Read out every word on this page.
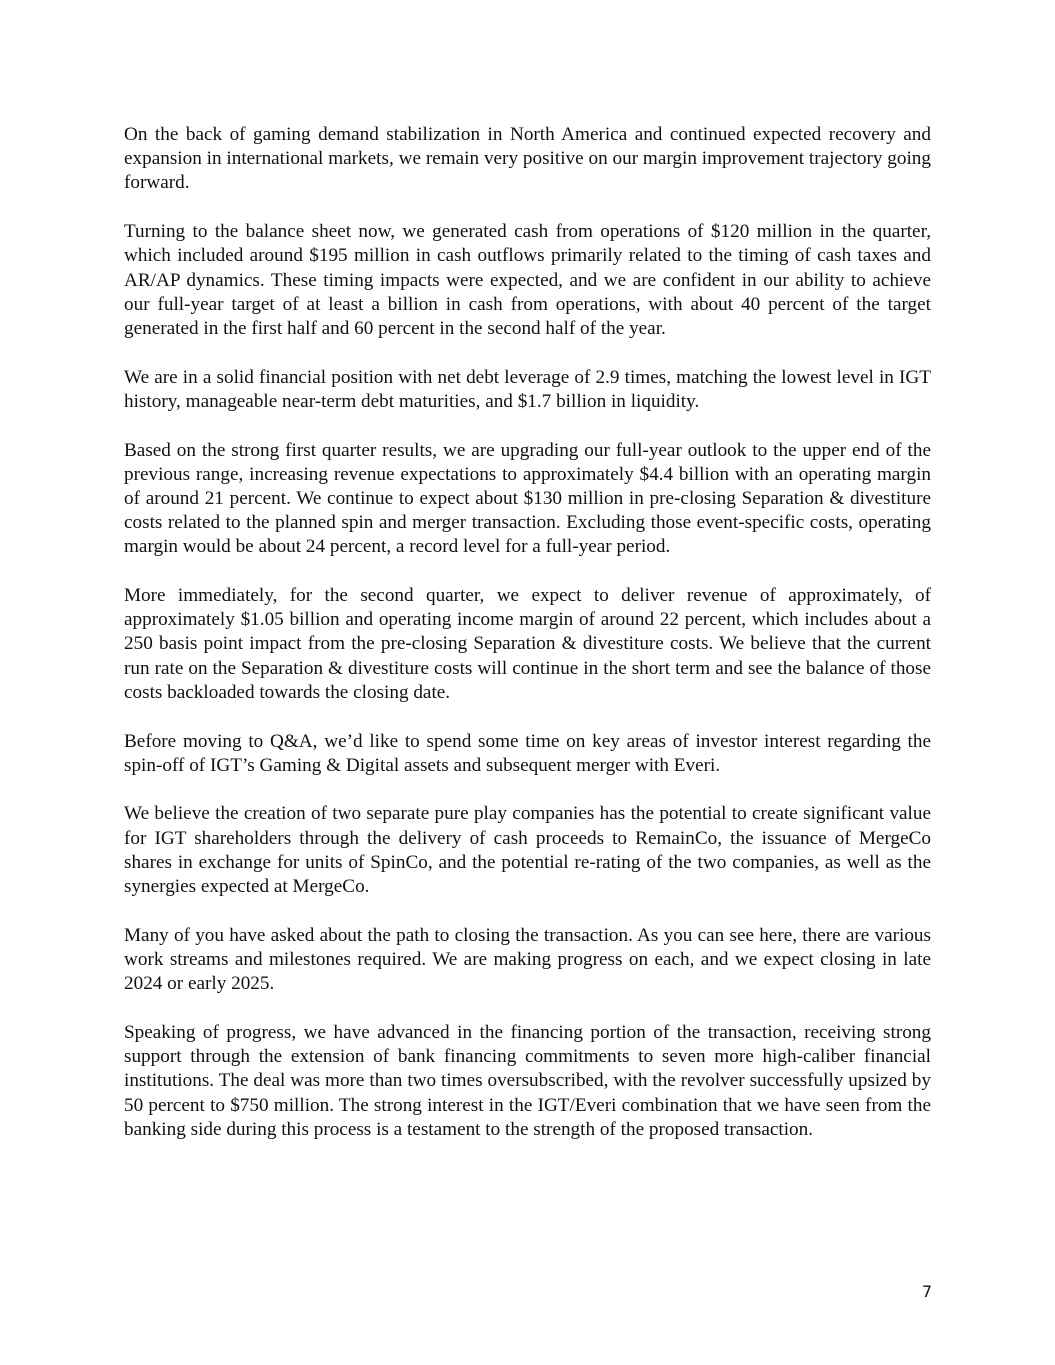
On the back of gaming demand stabilization in North America and continued expected recovery and expansion in international markets, we remain very positive on our margin improvement trajectory going forward.

Turning to the balance sheet now, we generated cash from operations of $120 million in the quarter, which included around $195 million in cash outflows primarily related to the timing of cash taxes and AR/AP dynamics. These timing impacts were expected, and we are confident in our ability to achieve our full-year target of at least a billion in cash from operations, with about 40 percent of the target generated in the first half and 60 percent in the second half of the year.

We are in a solid financial position with net debt leverage of 2.9 times, matching the lowest level in IGT history, manageable near-term debt maturities, and $1.7 billion in liquidity.

Based on the strong first quarter results, we are upgrading our full-year outlook to the upper end of the previous range, increasing revenue expectations to approximately $4.4 billion with an operating margin of around 21 percent. We continue to expect about $130 million in pre-closing Separation & divestiture costs related to the planned spin and merger transaction. Excluding those event-specific costs, operating margin would be about 24 percent, a record level for a full-year period.

More immediately, for the second quarter, we expect to deliver revenue of approximately, of approximately $1.05 billion and operating income margin of around 22 percent, which includes about a 250 basis point impact from the pre-closing Separation & divestiture costs. We believe that the current run rate on the Separation & divestiture costs will continue in the short term and see the balance of those costs backloaded towards the closing date.

Before moving to Q&A, we’d like to spend some time on key areas of investor interest regarding the spin-off of IGT’s Gaming & Digital assets and subsequent merger with Everi.

We believe the creation of two separate pure play companies has the potential to create significant value for IGT shareholders through the delivery of cash proceeds to RemainCo, the issuance of MergeCo shares in exchange for units of SpinCo, and the potential re-rating of the two companies, as well as the synergies expected at MergeCo.

Many of you have asked about the path to closing the transaction. As you can see here, there are various work streams and milestones required. We are making progress on each, and we expect closing in late 2024 or early 2025.

Speaking of progress, we have advanced in the financing portion of the transaction, receiving strong support through the extension of bank financing commitments to seven more high-caliber financial institutions. The deal was more than two times oversubscribed, with the revolver successfully upsized by 50 percent to $750 million. The strong interest in the IGT/Everi combination that we have seen from the banking side during this process is a testament to the strength of the proposed transaction.

7
